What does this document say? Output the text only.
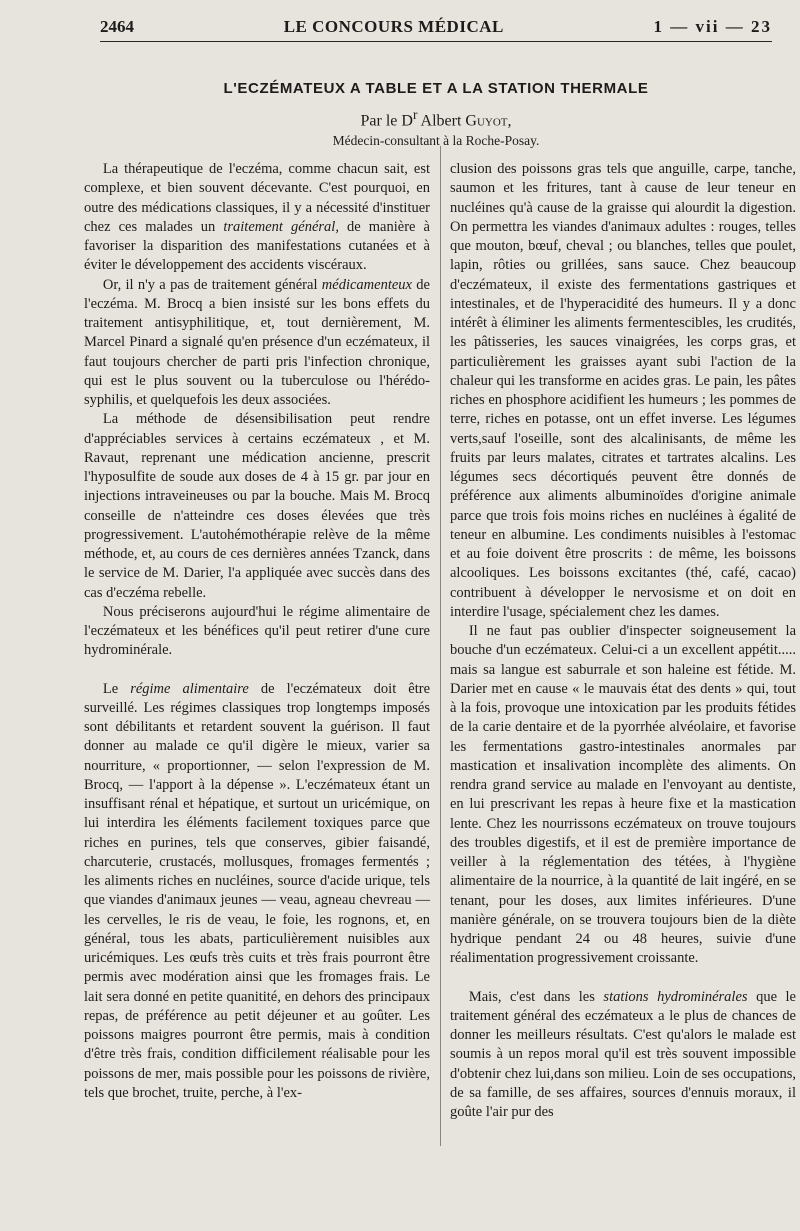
2464	LE CONCOURS MÉDICAL	1 — vii — 23
L'ECZÉMATEUX A TABLE ET A LA STATION THERMALE
Par le $D^r$ Albert Guyot,
Médecin-consultant à la Roche-Posay.

La thérapeutique de l'eczéma, comme chacun sait, est complexe, et bien souvent décevante. C'est pourquoi, en outre des médications classiques, il y a nécessité d'instituer chez ces malades un traitement général, de manière à favoriser la disparition des manifestations cutanées et à éviter le développement des accidents viscéraux.

Or, il n'y a pas de traitement général médicamenteux de l'eczéma. M. Brocq a bien insisté sur les bons effets du traitement antisyphilitique, et, tout dernièrement, M. Marcel Pinard a signalé qu'en présence d'un eczémateux, il faut toujours chercher de parti pris l'infection chronique, qui est le plus souvent ou la tuberculose ou l'hérédo-syphilis, et quelquefois les deux associées.

La méthode de désensibilisation peut rendre d'appréciables services à certains eczémateux , et M. Ravaut, reprenant une médication ancienne, prescrit l'hyposulfite de soude aux doses de 4 à 15 gr. par jour en injections intraveineuses ou par la bouche. Mais M. Brocq conseille de n'atteindre ces doses élevées que très progressivement. L'autohémothérapie relève de la même méthode, et, au cours de ces dernières années Tzanck, dans le service de M. Darier, l'a appliquée avec succès dans des cas d'eczéma rebelle.

Nous préciserons aujourd'hui le régime alimentaire de l'eczémateux et les bénéfices qu'il peut retirer d'une cure hydrominérale.

Le régime alimentaire de l'eczémateux doit être surveillé. Les régimes classiques trop longtemps imposés sont débilitants et retardent souvent la guérison. Il faut donner au malade ce qu'il digère le mieux, varier sa nourriture, « proportionner, — selon l'expression de M. Brocq, — l'apport à la dépense ». L'eczémateux étant un insuffisant rénal et hépatique, et surtout un uricémique, on lui interdira les éléments facilement toxiques parce que riches en purines, tels que conserves, gibier faisandé, charcuterie, crustacés, mollusques, fromages fermentés ; les aliments riches en nucléines, source d'acide urique, tels que viandes d'animaux jeunes — veau, agneau chevreau — les cervelles, le ris de veau, le foie, les rognons, et, en général, tous les abats, particulièrement nuisibles aux uricémiques. Les œufs très cuits et très frais pourront être permis avec modération ainsi que les fromages frais. Le lait sera donné en petite quanitité, en dehors des principaux repas, de préférence au petit déjeuner et au goûter. Les poissons maigres pourront être permis, mais à condition d'être très frais, condition difficilement réalisable pour les poissons de mer, mais possible pour les poissons de rivière, tels que brochet, truite, perche, à l'ex-

clusion des poissons gras tels que anguille, carpe, tanche, saumon et les fritures, tant à cause de leur teneur en nucléines qu'à cause de la graisse qui alourdit la digestion. On permettra les viandes d'animaux adultes : rouges, telles que mouton, bœuf, cheval ; ou blanches, telles que poulet, lapin, rôties ou grillées, sans sauce. Chez beaucoup d'eczémateux, il existe des fermentations gastriques et intestinales, et de l'hyperacidité des humeurs. Il y a donc intérêt à éliminer les aliments fermentescibles, les crudités, les pâtisseries, les sauces vinaigrées, les corps gras, et particulièrement les graisses ayant subi l'action de la chaleur qui les transforme en acides gras. Le pain, les pâtes riches en phosphore acidifient les humeurs ; les pommes de terre, riches en potasse, ont un effet inverse. Les légumes verts,sauf l'oseille, sont des alcalinisants, de même les fruits par leurs malates, citrates et tartrates alcalins. Les légumes secs décortiqués peuvent être donnés de préférence aux aliments albuminoïdes d'origine animale parce que trois fois moins riches en nucléines à égalité de teneur en albumine. Les condiments nuisibles à l'estomac et au foie doivent être proscrits : de même, les boissons alcooliques. Les boissons excitantes (thé, café, cacao) contribuent à développer le nervosisme et on doit en interdire l'usage, spécialement chez les dames.

Il ne faut pas oublier d'inspecter soigneusement la bouche d'un eczémateux. Celui-ci a un excellent appétit..... mais sa langue est saburrale et son haleine est fétide. M. Darier met en cause « le mauvais état des dents » qui, tout à la fois, provoque une intoxication par les produits fétides de la carie dentaire et de la pyorrhée alvéolaire, et favorise les fermentations gastro-intestinales anormales par mastication et insalivation incomplète des aliments. On rendra grand service au malade en l'envoyant au dentiste, en lui prescrivant les repas à heure fixe et la mastication lente. Chez les nourrissons eczémateux on trouve toujours des troubles digestifs, et il est de première importance de veiller à la réglementation des tétées, à l'hygiène alimentaire de la nourrice, à la quantité de lait ingéré, en se tenant, pour les doses, aux limites inférieures. D'une manière générale, on se trouvera toujours bien de la diète hydrique pendant 24 ou 48 heures, suivie d'une réalimentation progressivement croissante.

Mais, c'est dans les stations hydrominérales que le traitement général des eczémateux a le plus de chances de donner les meilleurs résultats. C'est qu'alors le malade est soumis à un repos moral qu'il est très souvent impossible d'obtenir chez lui,dans son milieu. Loin de ses occupations, de sa famille, de ses affaires, sources d'ennuis moraux, il goûte l'air pur des
